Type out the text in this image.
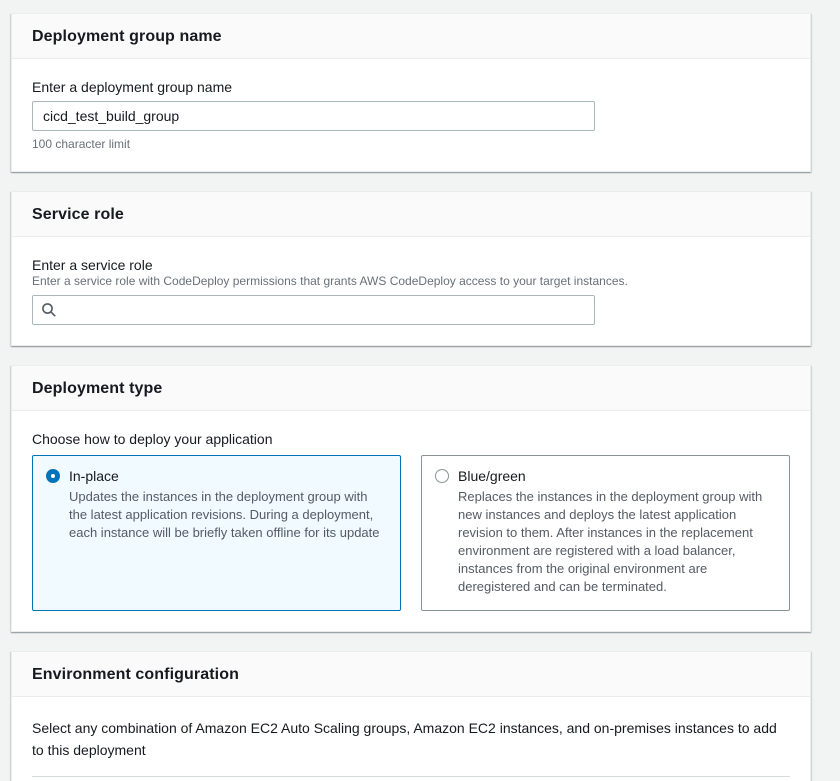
Deployment group name
Enter a deployment group name
cicd_test_build_group
100 character limit
Service role
Enter a service role
Enter a service role with CodeDeploy permissions that grants AWS CodeDeploy access to your target instances.
Deployment type
Choose how to deploy your application
In-place
Updates the instances in the deployment group with the latest application revisions. During a deployment, each instance will be briefly taken offline for its update
Blue/green
Replaces the instances in the deployment group with new instances and deploys the latest application revision to them. After instances in the replacement environment are registered with a load balancer, instances from the original environment are deregistered and can be terminated.
Environment configuration

Select any combination of Amazon EC2 Auto Scaling groups, Amazon EC2 instances, and on-premises instances to add to this deployment
